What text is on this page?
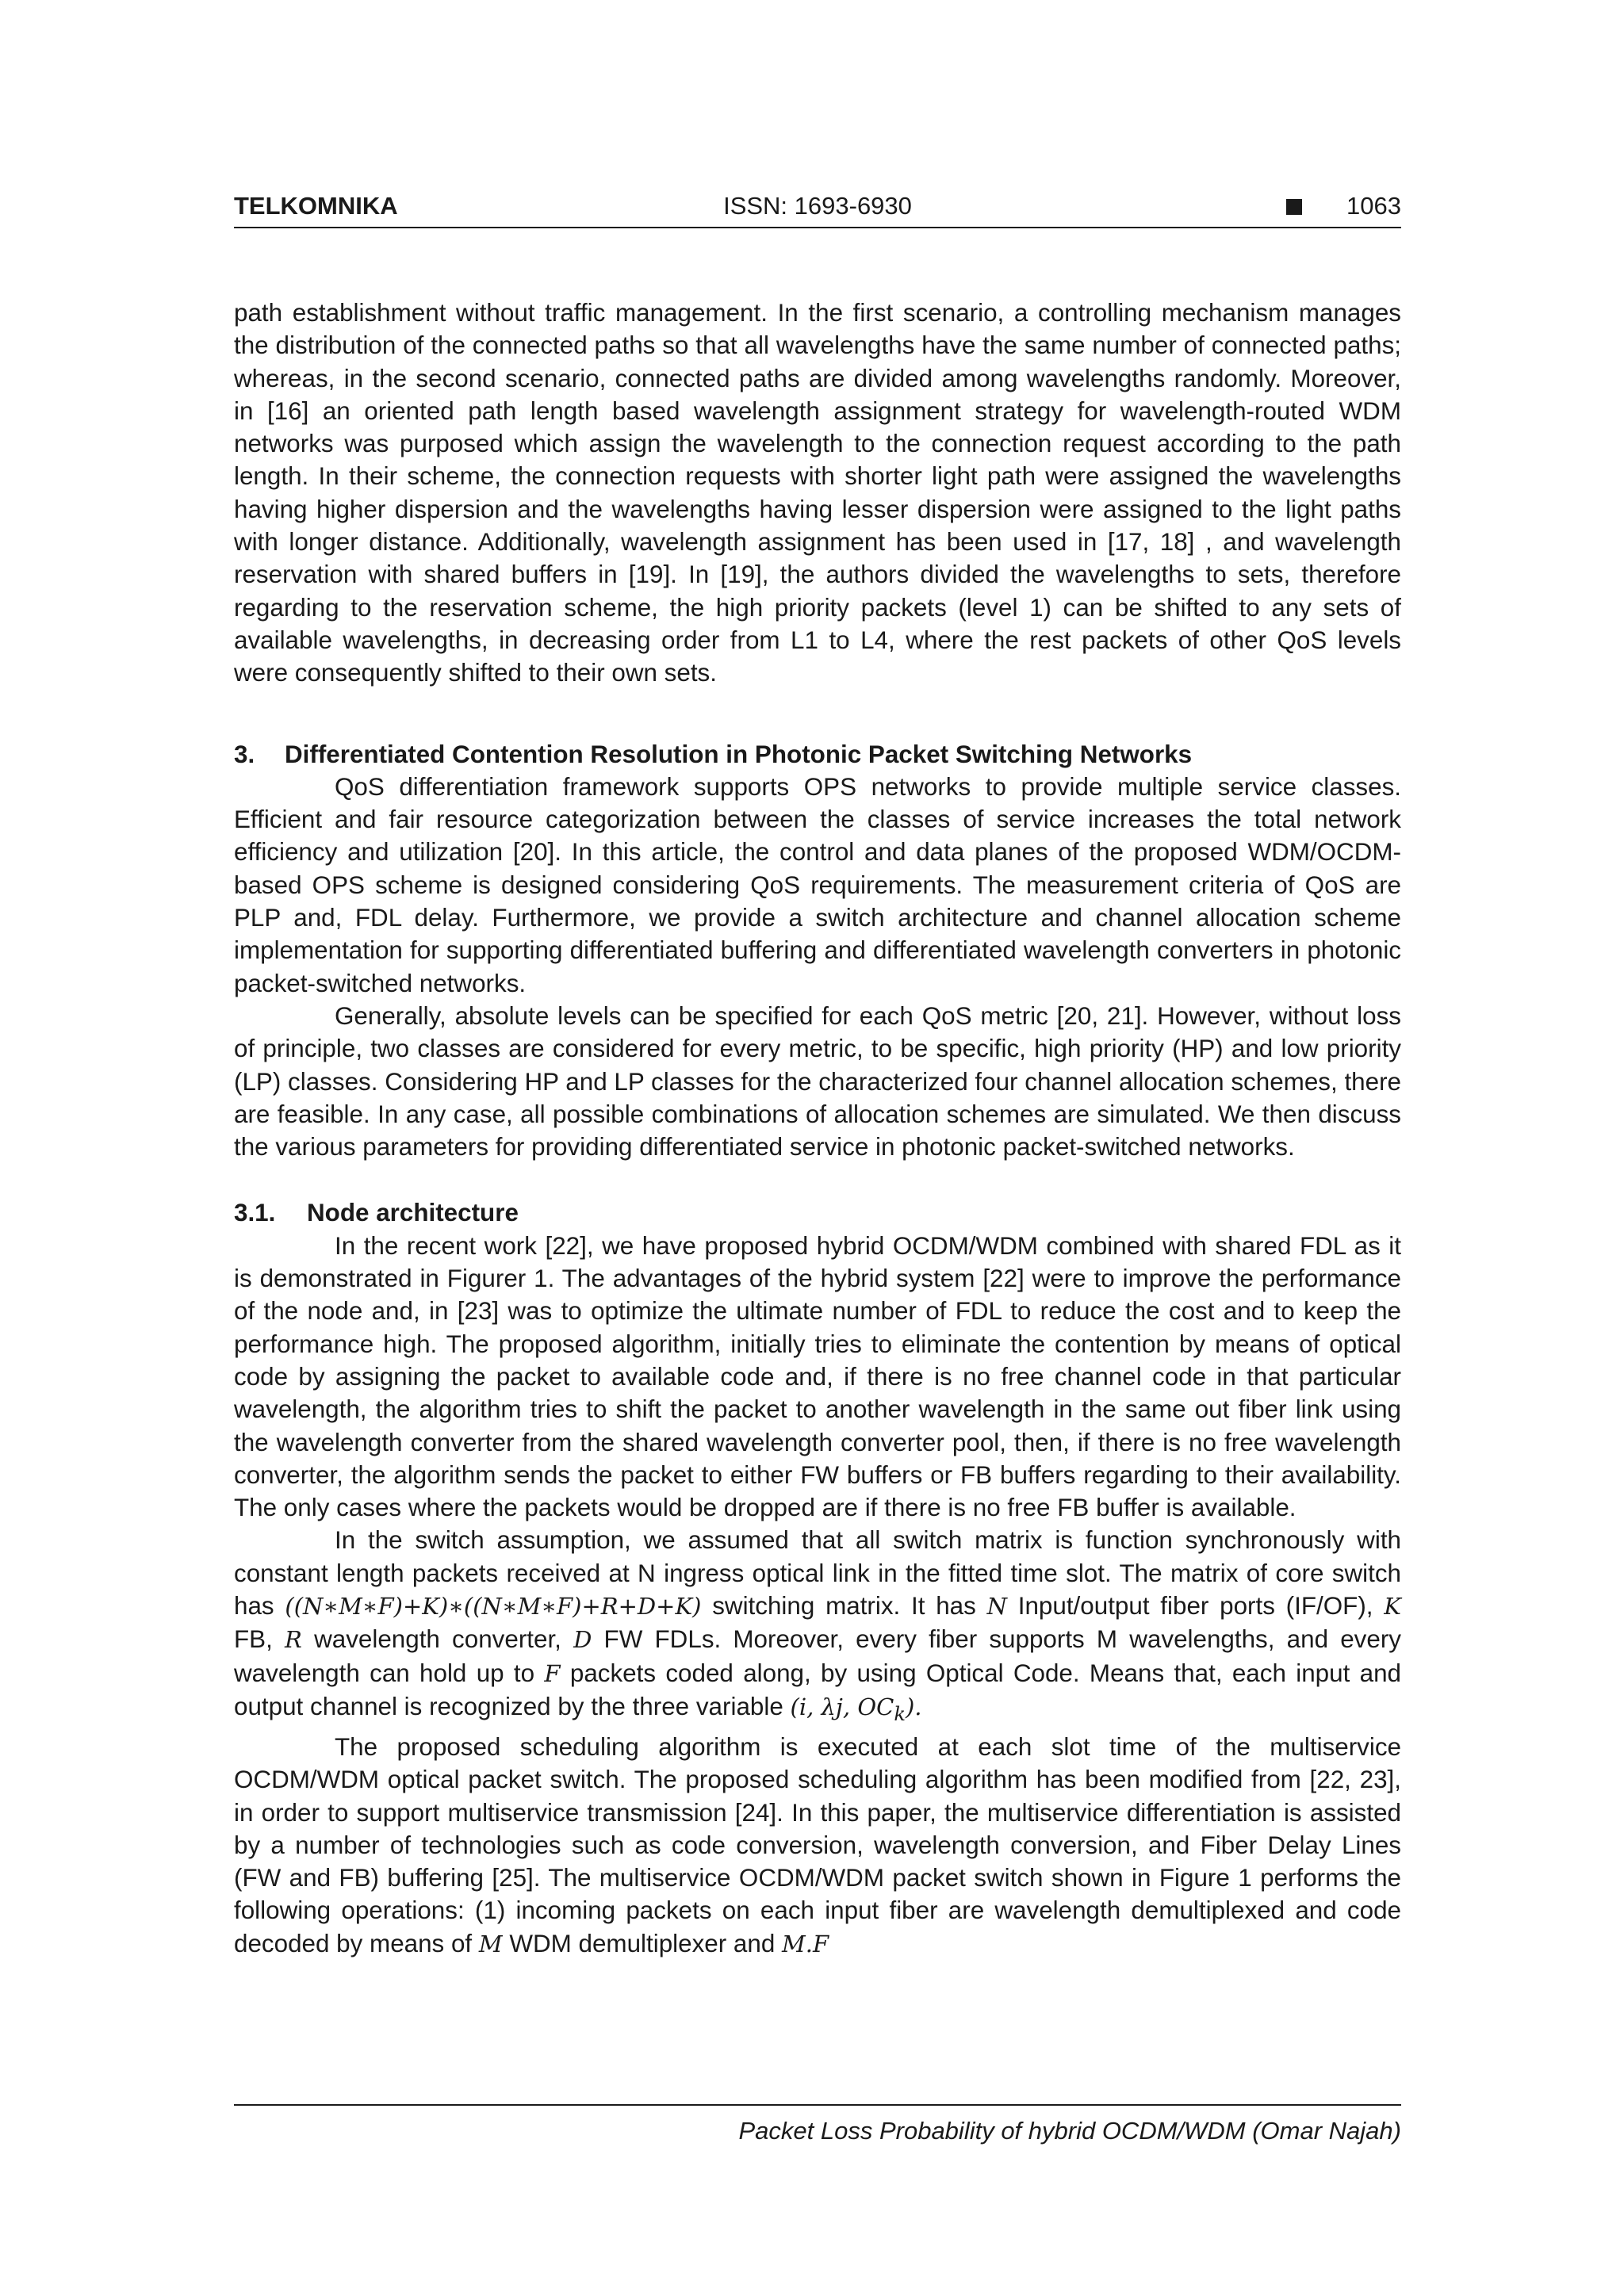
TELKOMNIKA	ISSN: 1693-6930	1063

path establishment without traffic management. In the first scenario, a controlling mechanism manages the distribution of the connected paths so that all wavelengths have the same number of connected paths; whereas, in the second scenario, connected paths are divided among wavelengths randomly. Moreover, in [16] an oriented path length based wavelength assignment strategy for wavelength-routed WDM networks was purposed which assign the wavelength to the connection request according to the path length. In their scheme, the connection requests with shorter light path were assigned the wavelengths having higher dispersion and the wavelengths having lesser dispersion were assigned to the light paths with longer distance. Additionally, wavelength assignment has been used in [17, 18] , and wavelength reservation with shared buffers in [19]. In [19], the authors divided the wavelengths to sets, therefore regarding to the reservation scheme, the high priority packets (level 1) can be shifted to any sets of available wavelengths, in decreasing order from L1 to L4, where the rest packets of other QoS levels were consequently shifted to their own sets.

3. Differentiated Contention Resolution in Photonic Packet Switching Networks

QoS differentiation framework supports OPS networks to provide multiple service classes. Efficient and fair resource categorization between the classes of service increases the total network efficiency and utilization [20]. In this article, the control and data planes of the proposed WDM/OCDM-based OPS scheme is designed considering QoS requirements. The measurement criteria of QoS are PLP and, FDL delay. Furthermore, we provide a switch architecture and channel allocation scheme implementation for supporting differentiated buffering and differentiated wavelength converters in photonic packet-switched networks.

Generally, absolute levels can be specified for each QoS metric [20, 21]. However, without loss of principle, two classes are considered for every metric, to be specific, high priority (HP) and low priority (LP) classes. Considering HP and LP classes for the characterized four channel allocation schemes, there are feasible. In any case, all possible combinations of allocation schemes are simulated. We then discuss the various parameters for providing differentiated service in photonic packet-switched networks.

3.1. Node architecture

In the recent work [22], we have proposed hybrid OCDM/WDM combined with shared FDL as it is demonstrated in Figurer 1. The advantages of the hybrid system [22] were to improve the performance of the node and, in [23] was to optimize the ultimate number of FDL to reduce the cost and to keep the performance high. The proposed algorithm, initially tries to eliminate the contention by means of optical code by assigning the packet to available code and, if there is no free channel code in that particular wavelength, the algorithm tries to shift the packet to another wavelength in the same out fiber link using the wavelength converter from the shared wavelength converter pool, then, if there is no free wavelength converter, the algorithm sends the packet to either FW buffers or FB buffers regarding to their availability. The only cases where the packets would be dropped are if there is no free FB buffer is available.

In the switch assumption, we assumed that all switch matrix is function synchronously with constant length packets received at N ingress optical link in the fitted time slot. The matrix of core switch has ((N∗M∗F)+K)∗((N∗M∗F)+R+D+K) switching matrix. It has N Input/output fiber ports (IF/OF), K FB, R wavelength converter, D FW FDLs. Moreover, every fiber supports M wavelengths, and every wavelength can hold up to F packets coded along, by using Optical Code. Means that, each input and output channel is recognized by the three variable (i, λj, $OC_k$).

The proposed scheduling algorithm is executed at each slot time of the multiservice OCDM/WDM optical packet switch. The proposed scheduling algorithm has been modified from [22, 23], in order to support multiservice transmission [24]. In this paper, the multiservice differentiation is assisted by a number of technologies such as code conversion, wavelength conversion, and Fiber Delay Lines (FW and FB) buffering [25]. The multiservice OCDM/WDM packet switch shown in Figure 1 performs the following operations: (1) incoming packets on each input fiber are wavelength demultiplexed and code decoded by means of M WDM demultiplexer and M.F

Packet Loss Probability of hybrid OCDM/WDM (Omar Najah)
